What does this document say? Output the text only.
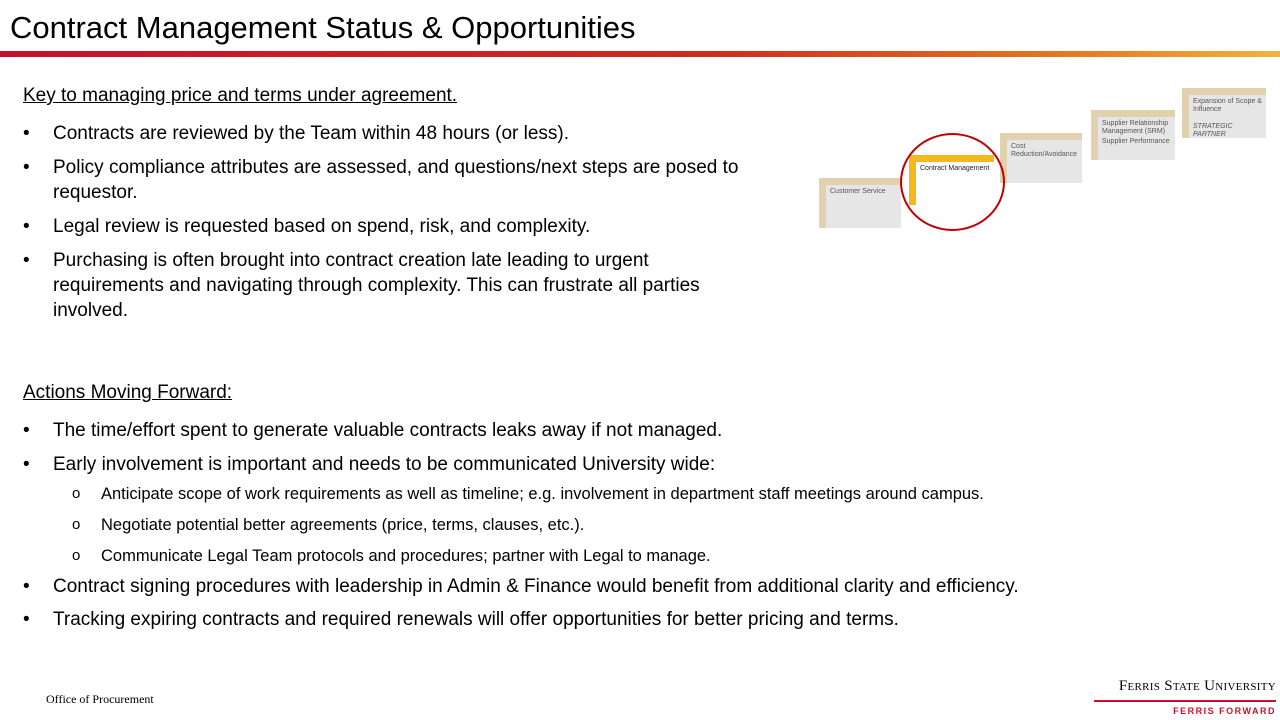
Contract Management Status & Opportunities
Key to managing price and terms under agreement.
• Contracts are reviewed by the Team within 48 hours (or less).
• Policy compliance attributes are assessed, and questions/next steps are posed to requestor.
• Legal review is requested based on spend, risk, and complexity.
• Purchasing is often brought into contract creation late leading to urgent requirements and navigating through complexity. This can frustrate all parties involved.
Actions Moving Forward:
• The time/effort spent to generate valuable contracts leaks away if not managed.
• Early involvement is important and needs to be communicated University wide:
o Anticipate scope of work requirements as well as timeline; e.g. involvement in department staff meetings around campus.
o Negotiate potential better agreements (price, terms, clauses, etc.).
o Communicate Legal Team protocols and procedures; partner with Legal to manage.
• Contract signing procedures with leadership in Admin & Finance would benefit from additional clarity and efficiency.
• Tracking expiring contracts and required renewals will offer opportunities for better pricing and terms.
Customer Service
Contract Management
Cost Reduction/Avoidance
Supplier Relationship Management (SRM)
Supplier Performance
Expansion of Scope & Influence
STRATEGIC PARTNER
Office of Procurement
Ferris State University
FERRIS FORWARD
